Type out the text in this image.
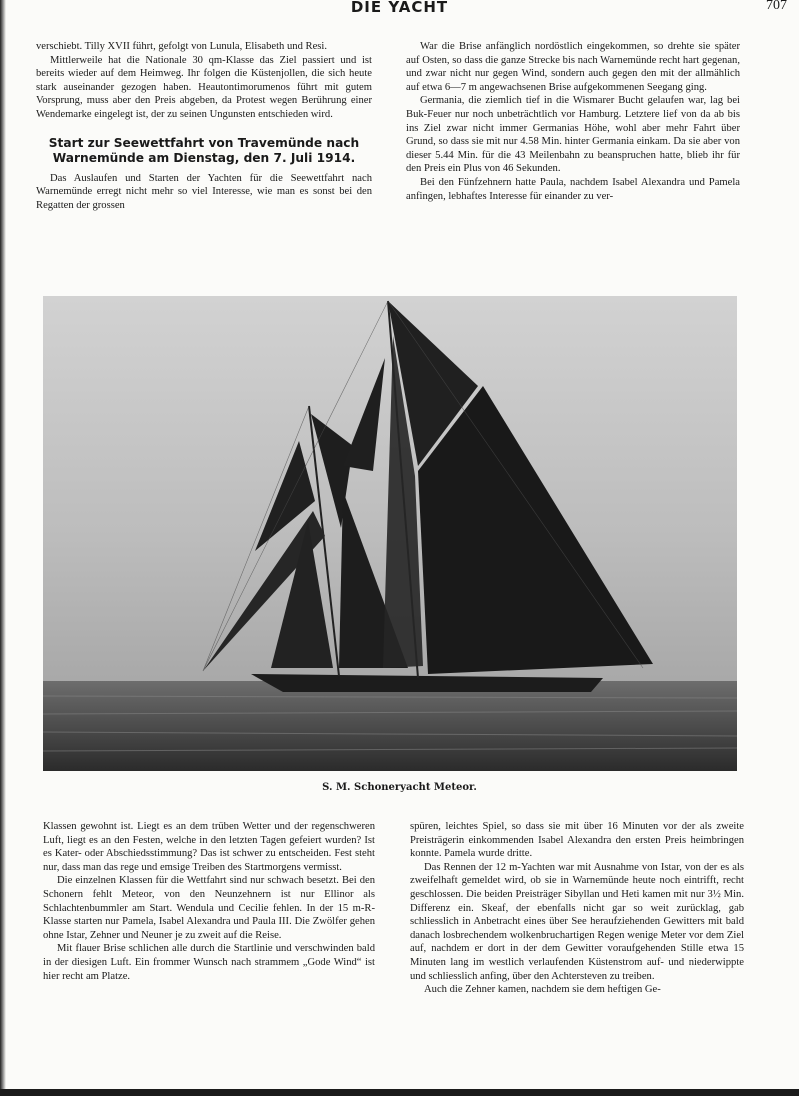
DIE YACHT	707

verschiebt. Tilly XVII führt, gefolgt von Lunula, Elisabeth und Resi.

Mittlerweile hat die Nationale 30 qm-Klasse das Ziel passiert und ist bereits wieder auf dem Heimweg. Ihr folgen die Küstenjollen, die sich heute stark auseinander gezogen haben. Heautontimorumenos führt mit gutem Vorsprung, muss aber den Preis abgeben, da Protest wegen Berührung einer Wendemarke eingelegt ist, der zu seinen Ungunsten entschieden wird.

Start zur Seewettfahrt von Travemünde nach Warnemünde am Dienstag, den 7. Juli 1914.

Das Auslaufen und Starten der Yachten für die Seewettfahrt nach Warnemünde erregt nicht mehr so viel Interesse, wie man es sonst bei den Regatten der grossen

War die Brise anfänglich nordöstlich eingekommen, so drehte sie später auf Osten, so dass die ganze Strecke bis nach Warnemünde recht hart gegenan, und zwar nicht nur gegen Wind, sondern auch gegen den mit der allmählich auf etwa 6—7 m angewachsenen Brise aufgekommenen Seegang ging.

Germania, die ziemlich tief in die Wismarer Bucht gelaufen war, lag bei Buk-Feuer nur noch unbeträchtlich vor Hamburg. Letztere lief von da ab bis ins Ziel zwar nicht immer Germanias Höhe, wohl aber mehr Fahrt über Grund, so dass sie mit nur 4.58 Min. hinter Germania einkam. Da sie aber von dieser 5.44 Min. für die 43 Meilenbahn zu beanspruchen hatte, blieb ihr für den Preis ein Plus von 46 Sekunden.

Bei den Fünfzehnern hatte Paula, nachdem Isabel Alexandra und Pamela anfingen, lebhaftes Interesse für einander zu ver-

S. M. Schoneryacht Meteor.

Klassen gewohnt ist. Liegt es an dem trüben Wetter und der regenschweren Luft, liegt es an den Festen, welche in den letzten Tagen gefeiert wurden? Ist es Kater- oder Abschiedsstimmung? Das ist schwer zu entscheiden. Fest steht nur, dass man das rege und emsige Treiben des Startmorgens vermisst.

Die einzelnen Klassen für die Wettfahrt sind nur schwach besetzt. Bei den Schonern fehlt Meteor, von den Neunzehnern ist nur Ellinor als Schlachtenbummler am Start. Wendula und Cecilie fehlen. In der 15 m-R-Klasse starten nur Pamela, Isabel Alexandra und Paula III. Die Zwölfer gehen ohne Istar, Zehner und Neuner je zu zweit auf die Reise.

Mit flauer Brise schlichen alle durch die Startlinie und verschwinden bald in der diesigen Luft. Ein frommer Wunsch nach strammem „Gode Wind“ ist hier recht am Platze.

spüren, leichtes Spiel, so dass sie mit über 16 Minuten vor der als zweite Preisträgerin einkommenden Isabel Alexandra den ersten Preis heimbringen konnte. Pamela wurde dritte.

Das Rennen der 12 m-Yachten war mit Ausnahme von Istar, von der es als zweifelhaft gemeldet wird, ob sie in Warnemünde heute noch eintrifft, recht geschlossen. Die beiden Preisträger Sibyllan und Heti kamen mit nur 3½ Min. Differenz ein. Skeaf, der ebenfalls nicht gar so weit zurücklag, gab schliesslich in Anbetracht eines über See heraufziehenden Gewitters mit bald danach losbrechendem wolkenbruchartigen Regen wenige Meter vor dem Ziel auf, nachdem er dort in der dem Gewitter voraufgehenden Stille etwa 15 Minuten lang im westlich verlaufenden Küstenstrom auf- und niederwippte und schliesslich anfing, über den Achtersteven zu treiben.

Auch die Zehner kamen, nachdem sie dem heftigen Ge-
